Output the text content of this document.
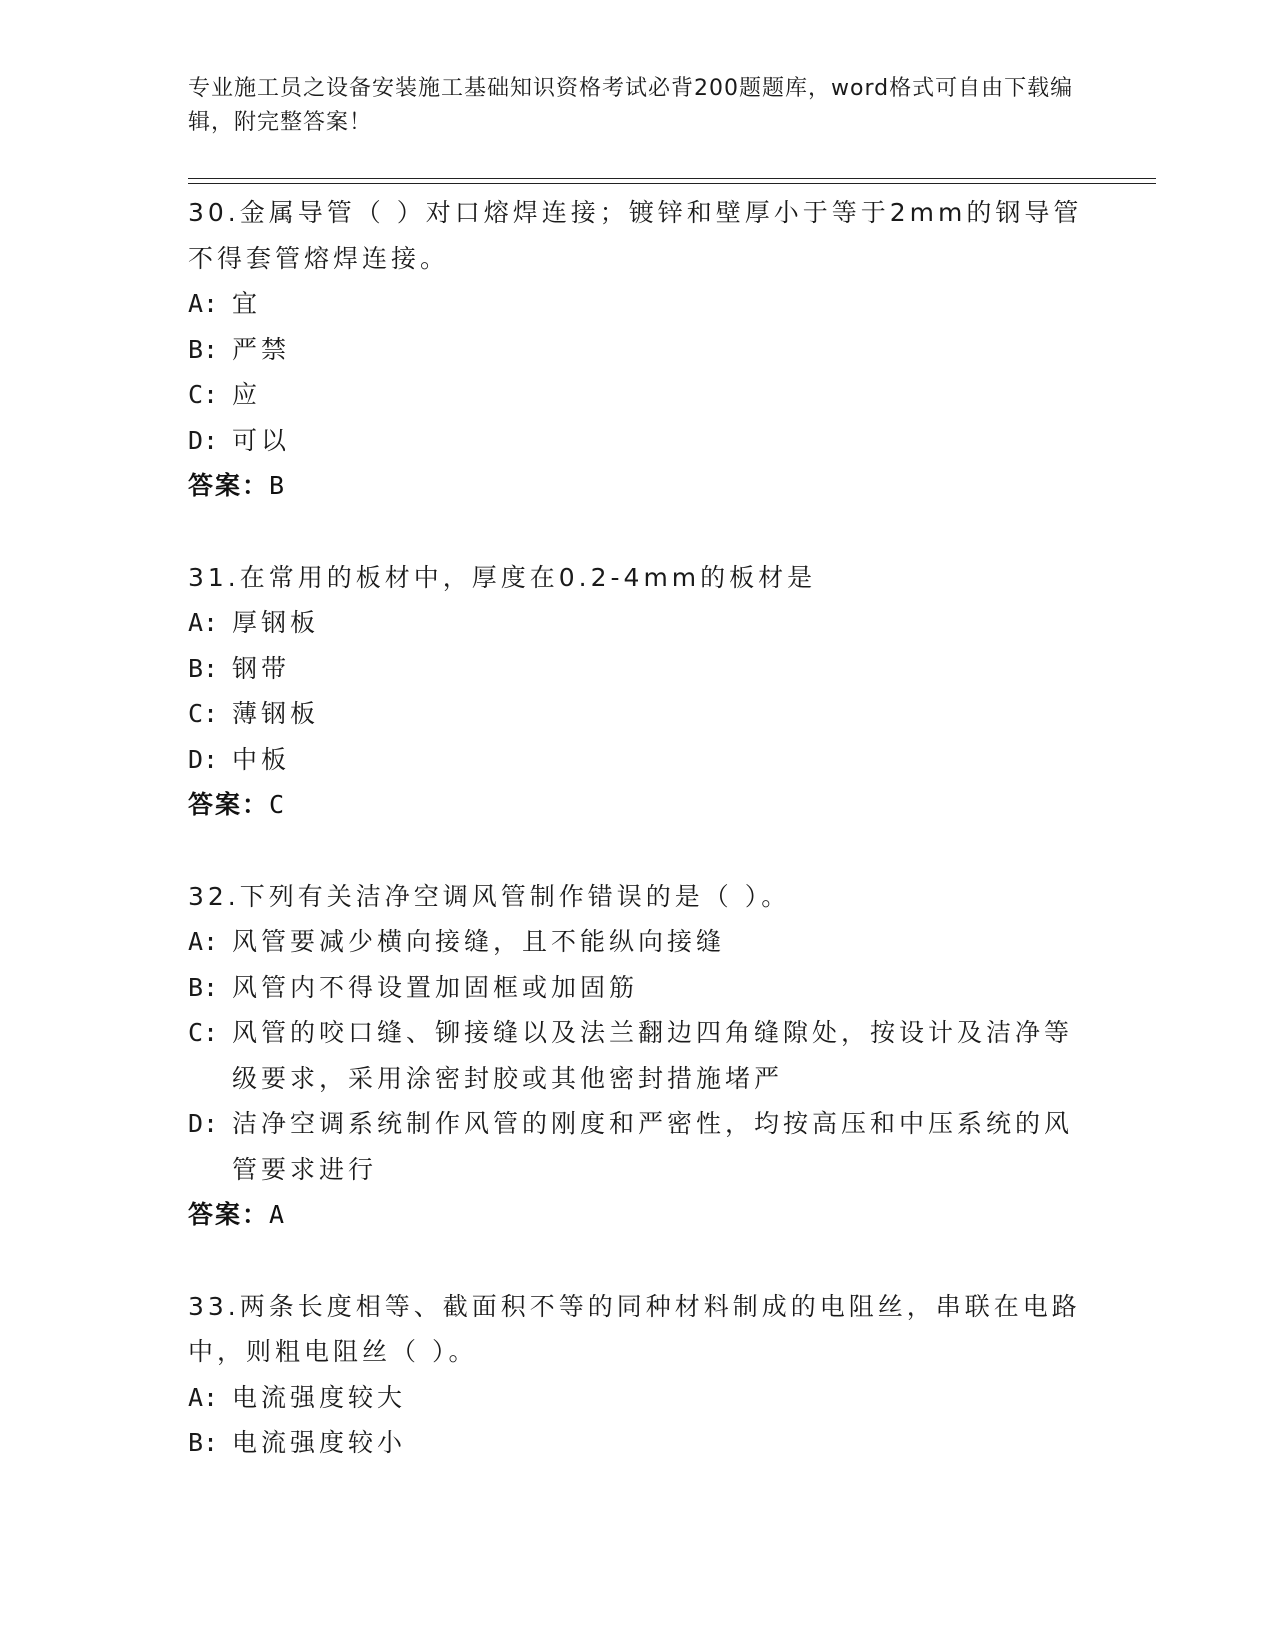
专业施工员之设备安装施工基础知识资格考试必背200题题库，word格式可自由下载编辑，附完整答案！
30.金属导管（ ）对口熔焊连接；镀锌和壁厚小于等于2mm的钢导管不得套管熔焊连接。
A: 宜
B: 严禁
C: 应
D: 可以
答案：B
31.在常用的板材中，厚度在0.2-4mm的板材是
A: 厚钢板
B: 钢带
C: 薄钢板
D: 中板
答案：C
32.下列有关洁净空调风管制作错误的是（ ）。
A: 风管要减少横向接缝，且不能纵向接缝
B: 风管内不得设置加固框或加固筋
C: 风管的咬口缝、铆接缝以及法兰翻边四角缝隙处，按设计及洁净等级要求，采用涂密封胶或其他密封措施堵严
D: 洁净空调系统制作风管的刚度和严密性，均按高压和中压系统的风管要求进行
答案：A
33.两条长度相等、截面积不等的同种材料制成的电阻丝，串联在电路中，则粗电阻丝（ ）。
A: 电流强度较大
B: 电流强度较小
